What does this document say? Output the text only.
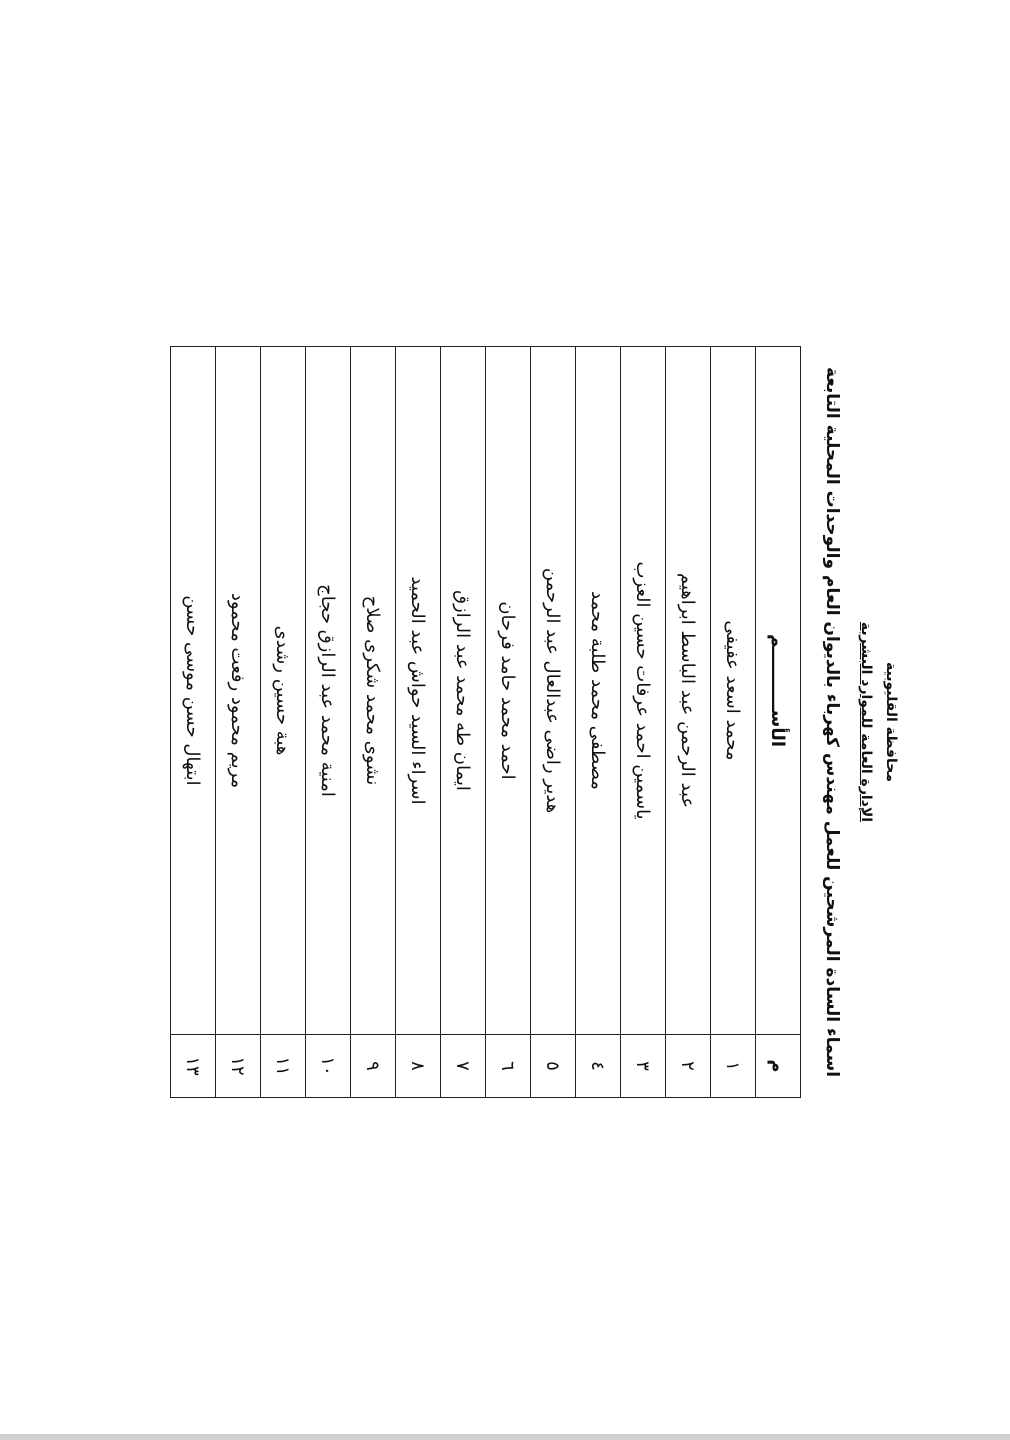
محافظة القليوبية
الإدارة العامة للموارد البشرية
اسماء السادة المرشحين للعمل مهندس كهرباء بالديوان العام والوحدات المحلية التابعة
م	الأســــــــــم
١	محمد اسعد عفيفى
٢	عبد الرحمن عبد الباسط ابراهيم
٣	ياسمين احمد عرفات حسين العزب
٤	مصطفى محمد طلبة محمد
٥	هدير راضى عبدالعال عبد الرحمن
٦	احمد محمد حامد فرحان
٧	ايمان طه محمد عبد الرازق
٨	اسراء السيد حواش عبد الحميد
٩	نشوى محمد شكرى صلاح
١٠	امنية محمد عبد الرازق حجاج
١١	هبة حسين رشدى
١٢	مريم محمود رفعت محمود
١٣	ابتهال حسن موسى حسن
